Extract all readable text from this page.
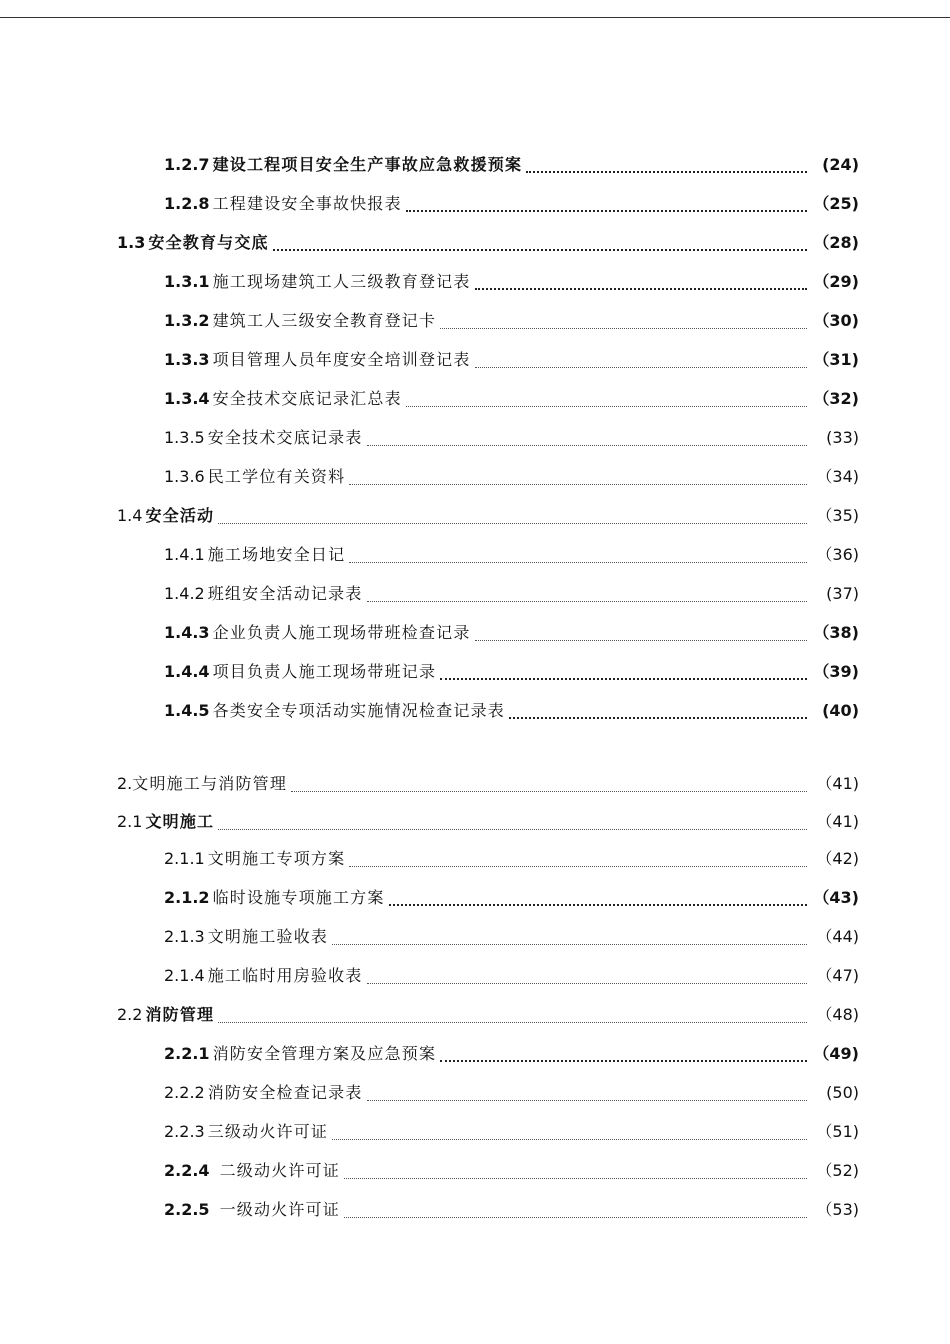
1.2.7 建设工程项目安全生产事故应急救援预案	(24)
1.2.8 工程建设安全事故快报表	（25)
1.3 安全教育与交底	（28)
1.3.1 施工现场建筑工人三级教育登记表	（29)
1.3.2 建筑工人三级安全教育登记卡	（30)
1.3.3 项目管理人员年度安全培训登记表	（31)
1.3.4 安全技术交底记录汇总表	（32)
1.3.5 安全技术交底记录表	(33)
1.3.6 民工学位有关资料	（34)
1.4 安全活动	（35)
1.4.1 施工场地安全日记	（36)
1.4.2 班组安全活动记录表	(37)
1.4.3 企业负责人施工现场带班检查记录	（38)
1.4.4 项目负责人施工现场带班记录	（39)
1.4.5 各类安全专项活动实施情况检查记录表	(40)
2.文明施工与消防管理	（41)
2.1 文明施工	（41)
2.1.1 文明施工专项方案	（42)
2.1.2 临时设施专项施工方案	（43)
2.1.3 文明施工验收表	（44)
2.1.4 施工临时用房验收表	（47)
2.2 消防管理	（48)
2.2.1 消防安全管理方案及应急预案	（49)
2.2.2 消防安全检查记录表	(50)
2.2.3 三级动火许可证	（51)
2.2.4 二级动火许可证	（52)
2.2.5 一级动火许可证	（53)
